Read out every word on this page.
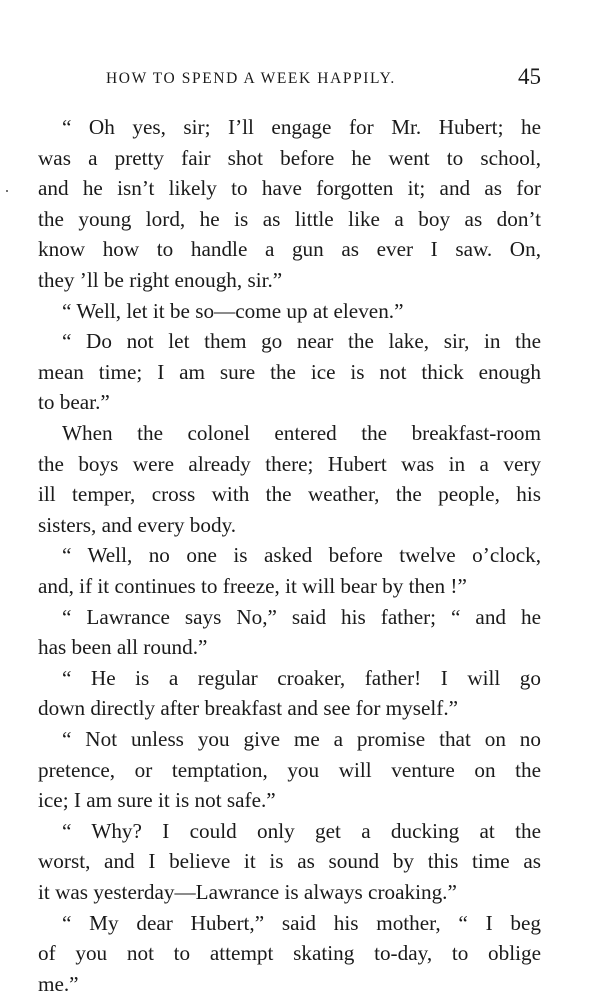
HOW TO SPEND A WEEK HAPPILY.	45
“ Oh yes, sir; I’ll engage for Mr. Hubert; he
was a pretty fair shot before he went to school,
and he isn’t likely to have forgotten it; and as for
the young lord, he is as little like a boy as don’t
know how to handle a gun as ever I saw. On,
they ’ll be right enough, sir.”
“ Well, let it be so—come up at eleven.”
“ Do not let them go near the lake, sir, in the
mean time; I am sure the ice is not thick enough
to bear.”
When the colonel entered the breakfast-room
the boys were already there; Hubert was in a very
ill temper, cross with the weather, the people, his
sisters, and every body.
“ Well, no one is asked before twelve o’clock,
and, if it continues to freeze, it will bear by then !”
“ Lawrance says No,” said his father; “ and he
has been all round.”
“ He is a regular croaker, father! I will go
down directly after breakfast and see for myself.”
“ Not unless you give me a promise that on no
pretence, or temptation, you will venture on the
ice; I am sure it is not safe.”
“ Why? I could only get a ducking at the
worst, and I believe it is as sound by this time as
it was yesterday—Lawrance is always croaking.”
“ My dear Hubert,” said his mother, “ I beg
of you not to attempt skating to-day, to oblige
me.”
